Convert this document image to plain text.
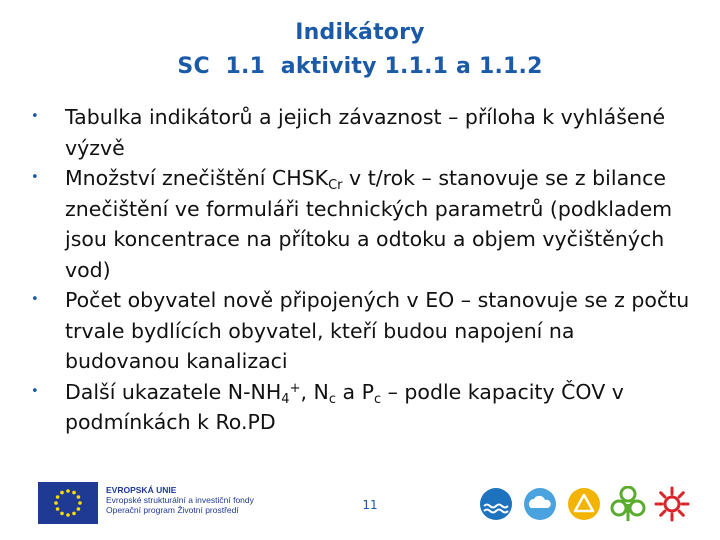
Indikátory
SC  1.1  aktivity 1.1.1 a 1.1.2
•	Tabulka indikátorů a jejich závaznost – příloha k vyhlášené výzvě
•	Množství znečištění $CHSK_{Cr}$ v t/rok – stanovuje se z bilance znečištění ve formuláři technických parametrů (podkladem jsou koncentrace na přítoku a odtoku a objem vyčištěných vod)
•	Počet obyvatel nově připojených v EO – stanovuje se z počtu trvale bydlících obyvatel, kteří budou napojení na budovanou kanalizaci
•	Další ukazatele $N-NH_4^+$, $N_c$ a $P_c$ – podle kapacity ČOV v podmínkách k Ro.PD
EVROPSKÁ UNIE
Evropské strukturální a investiční fondy
Operační program Životní prostředí	11
